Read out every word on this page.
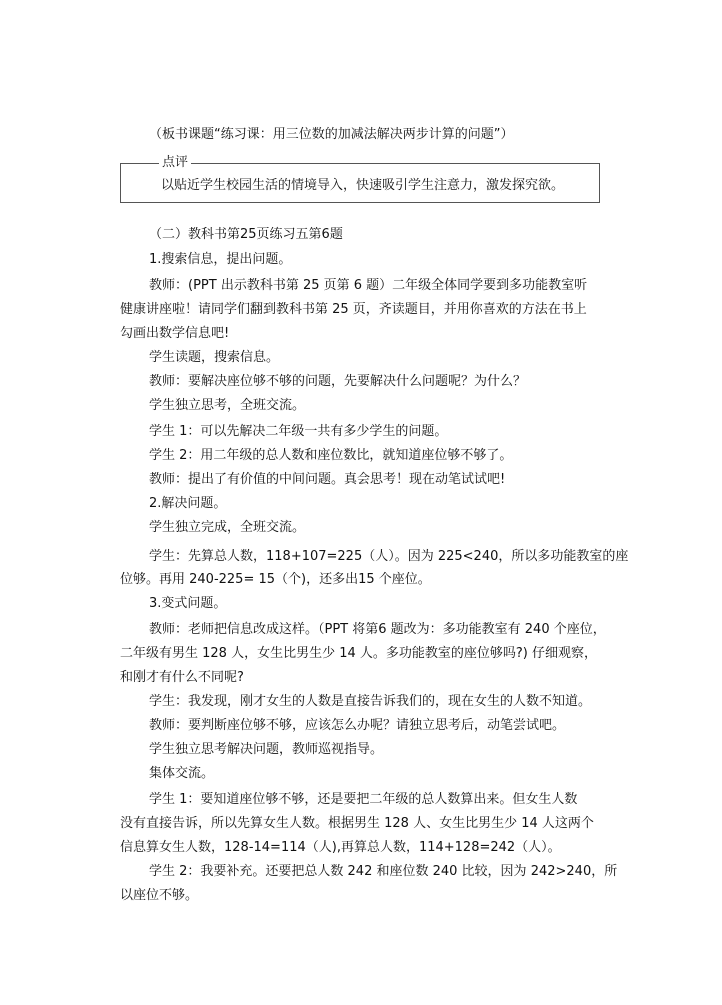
（板书课题“练习课：用三位数的加减法解决两步计算的问题”）
点评
以贴近学生校园生活的情境导入，快速吸引学生注意力，激发探究欲。
（二）教科书第25页练习五第6题
1.搜索信息，提出问题。
教师：(PPT 出示教科书第 25 页第 6 题）二年级全体同学要到多功能教室听
健康讲座啦！请同学们翻到教科书第 25 页，齐读题目，并用你喜欢的方法在书上
勾画出数学信息吧!
学生读题，搜索信息。
教师：要解决座位够不够的问题，先要解决什么问题呢？为什么？
学生独立思考，全班交流。
学生 1：可以先解决二年级一共有多少学生的问题。
学生 2：用二年级的总人数和座位数比，就知道座位够不够了。
教师：提出了有价值的中间问题。真会思考！现在动笔试试吧!
2.解决问题。
学生独立完成，全班交流。
学生：先算总人数，118+107=225（人）。因为 225<240，所以多功能教室的座
位够。再用 240-225= 15（个)，还多出15 个座位。
3.变式问题。
教师：老师把信息改成这样。（PPT 将第6 题改为：多功能教室有 240 个座位，
二年级有男生 128 人，女生比男生少 14 人。多功能教室的座位够吗?) 仔细观察，
和刚才有什么不同呢?
学生：我发现，刚才女生的人数是直接告诉我们的，现在女生的人数不知道。
教师：要判断座位够不够，应该怎么办呢？请独立思考后，动笔尝试吧。
学生独立思考解决问题，教师巡视指导。
集体交流。
学生 1：要知道座位够不够，还是要把二年级的总人数算出来。但女生人数
没有直接告诉，所以先算女生人数。根据男生 128 人、女生比男生少 14 人这两个
信息算女生人数，128-14=114（人),再算总人数，114+128=242（人）。
学生 2：我要补充。还要把总人数 242 和座位数 240 比较，因为 242>240，所
以座位不够。
